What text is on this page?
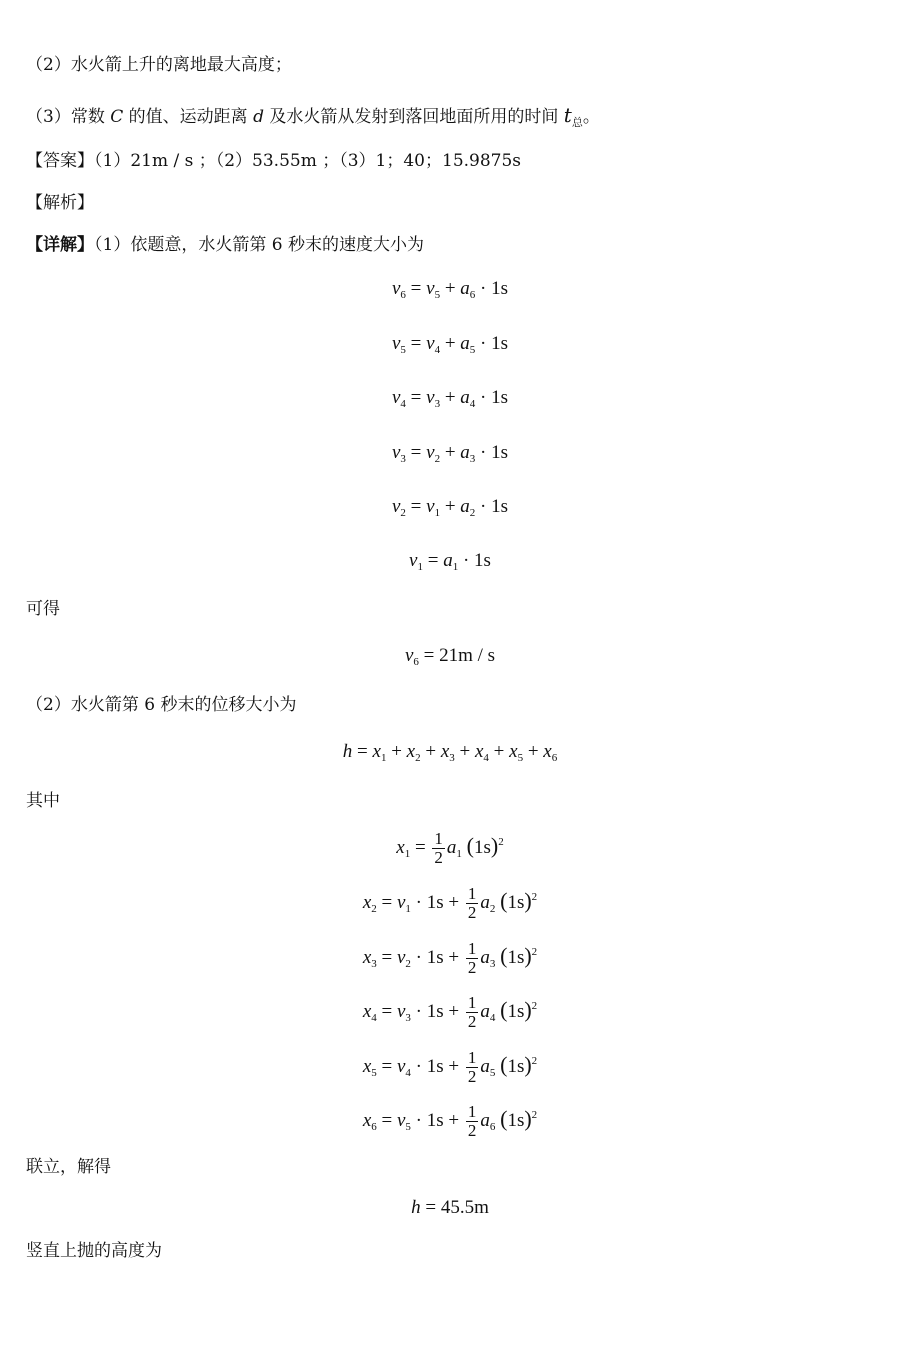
（2）水火箭上升的离地最大高度；
（3）常数 C 的值、运动距离 d 及水火箭从发射到落回地面所用的时间 $t_总$。
【答案】（1）21m / s ；（2）53.55m ；（3）1；40；15.9875s
【解析】
【详解】（1）依题意，水火箭第 6 秒末的速度大小为
$v_6 = v_5 + a_6 \cdot 1s$
$v_5 = v_4 + a_5 \cdot 1s$
$v_4 = v_3 + a_4 \cdot 1s$
$v_3 = v_2 + a_3 \cdot 1s$
$v_2 = v_1 + a_2 \cdot 1s$
$v_1 = a_1 \cdot 1s$
可得
$v_6 = 21m / s$
（2）水火箭第 6 秒末的位移大小为
$h = x_1 + x_2 + x_3 + x_4 + x_5 + x_6$
其中
$x_1 = \frac{1}{2} a_1$ $(1s)^2$
$x_2 = v_1 \cdot 1s + \frac{1}{2} a_2$ $(1s)^2$
$x_3 = v_2 \cdot 1s + \frac{1}{2} a_3$ $(1s)^2$
$x_4 = v_3 \cdot 1s + \frac{1}{2} a_4$ $(1s)^2$
$x_5 = v_4 \cdot 1s + \frac{1}{2} a_5$ $(1s)^2$
$x_6 = v_5 \cdot 1s + \frac{1}{2} a_6$ $(1s)^2$
联立，解得
h = 45.5m
竖直上抛的高度为
